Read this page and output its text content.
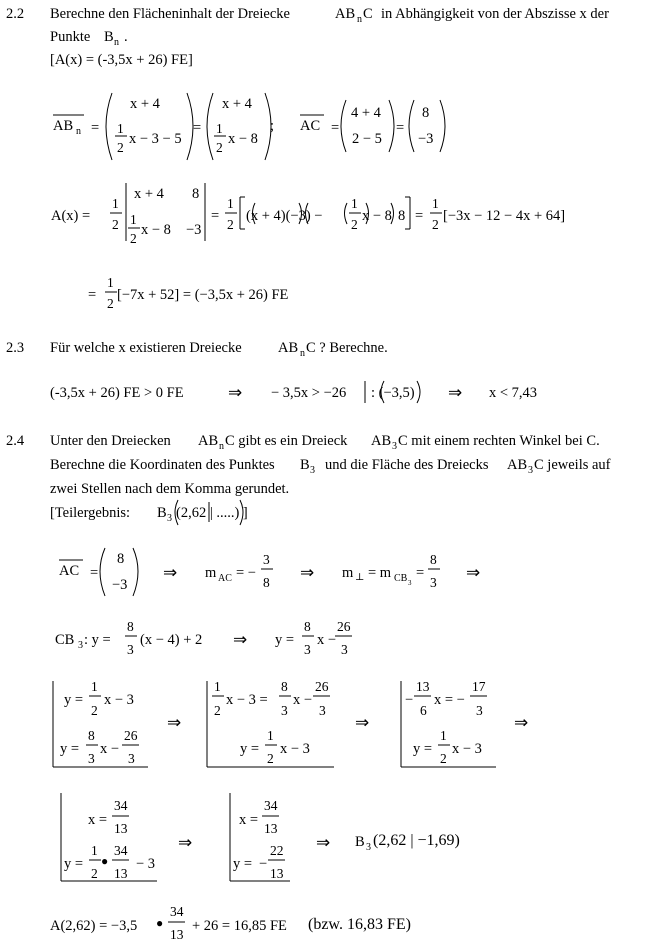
2.2 Berechne den Flächeninhalt der Dreiecke	AB n C in Abhängigkeit von der Abszisse x der
Punkte B n .
[A(x) = (-3,5x + 26) FE]
AB n =
x + 4
1
2
x − 3 − 5
=
x + 4
1
2
x − 8
; AC =
4 + 4
2 − 5
=
8
−3
A(x) =
1
2
x + 4 8
1
2
x − 8 −3
=
1
2
(x + 4)(−3) −
1
2
x − 8 8 =
1
2
[−3x − 12 − 4x + 64]
=
1
2
[−7x + 52] = (−3,5x + 26) FE
2.3 Für welche x existieren Dreiecke	AB n C ? Berechne.
(-3,5x + 26) FE > 0 FE	⇒ − 3,5x > −26 : (−3,5) ⇒ x < 7,43
2.4 Unter den Dreiecken AB n C gibt es ein Dreieck AB 3 C mit einem rechten Winkel bei C.
Berechne die Koordinaten des Punktes B 3 und die Fläche des Dreiecks AB 3 C jeweils auf
zwei Stellen nach dem Komma gerundet.
[Teilergebnis: B 3 (2,62 | .....) ]
AC =
8
−3
⇒ m AC = −
3
8 ⇒ m ⊥ = m CB 3
=
8
3 ⇒
CB 3 : y =
8
3
(x − 4) + 2 ⇒ y =
8
3
x −
26
3
y =
1
2
x − 3
y =
8
3
x −
26
3
⇒
1
2
x − 3 =
8
3
x −
26
3
y =
1
2
x − 3
⇒
−
13
6
x = −
17
3
y =
1
2
x − 3
⇒
x =
34
13
y =
1
2
●
34
13
− 3
⇒
x =
34
13
y = −
22
13
⇒ B 3 (2,62 | −1,69)
A(2,62) = −3,5 ●
34
13
+ 26 = 16,85 FE (bzw. 16,83 FE)
